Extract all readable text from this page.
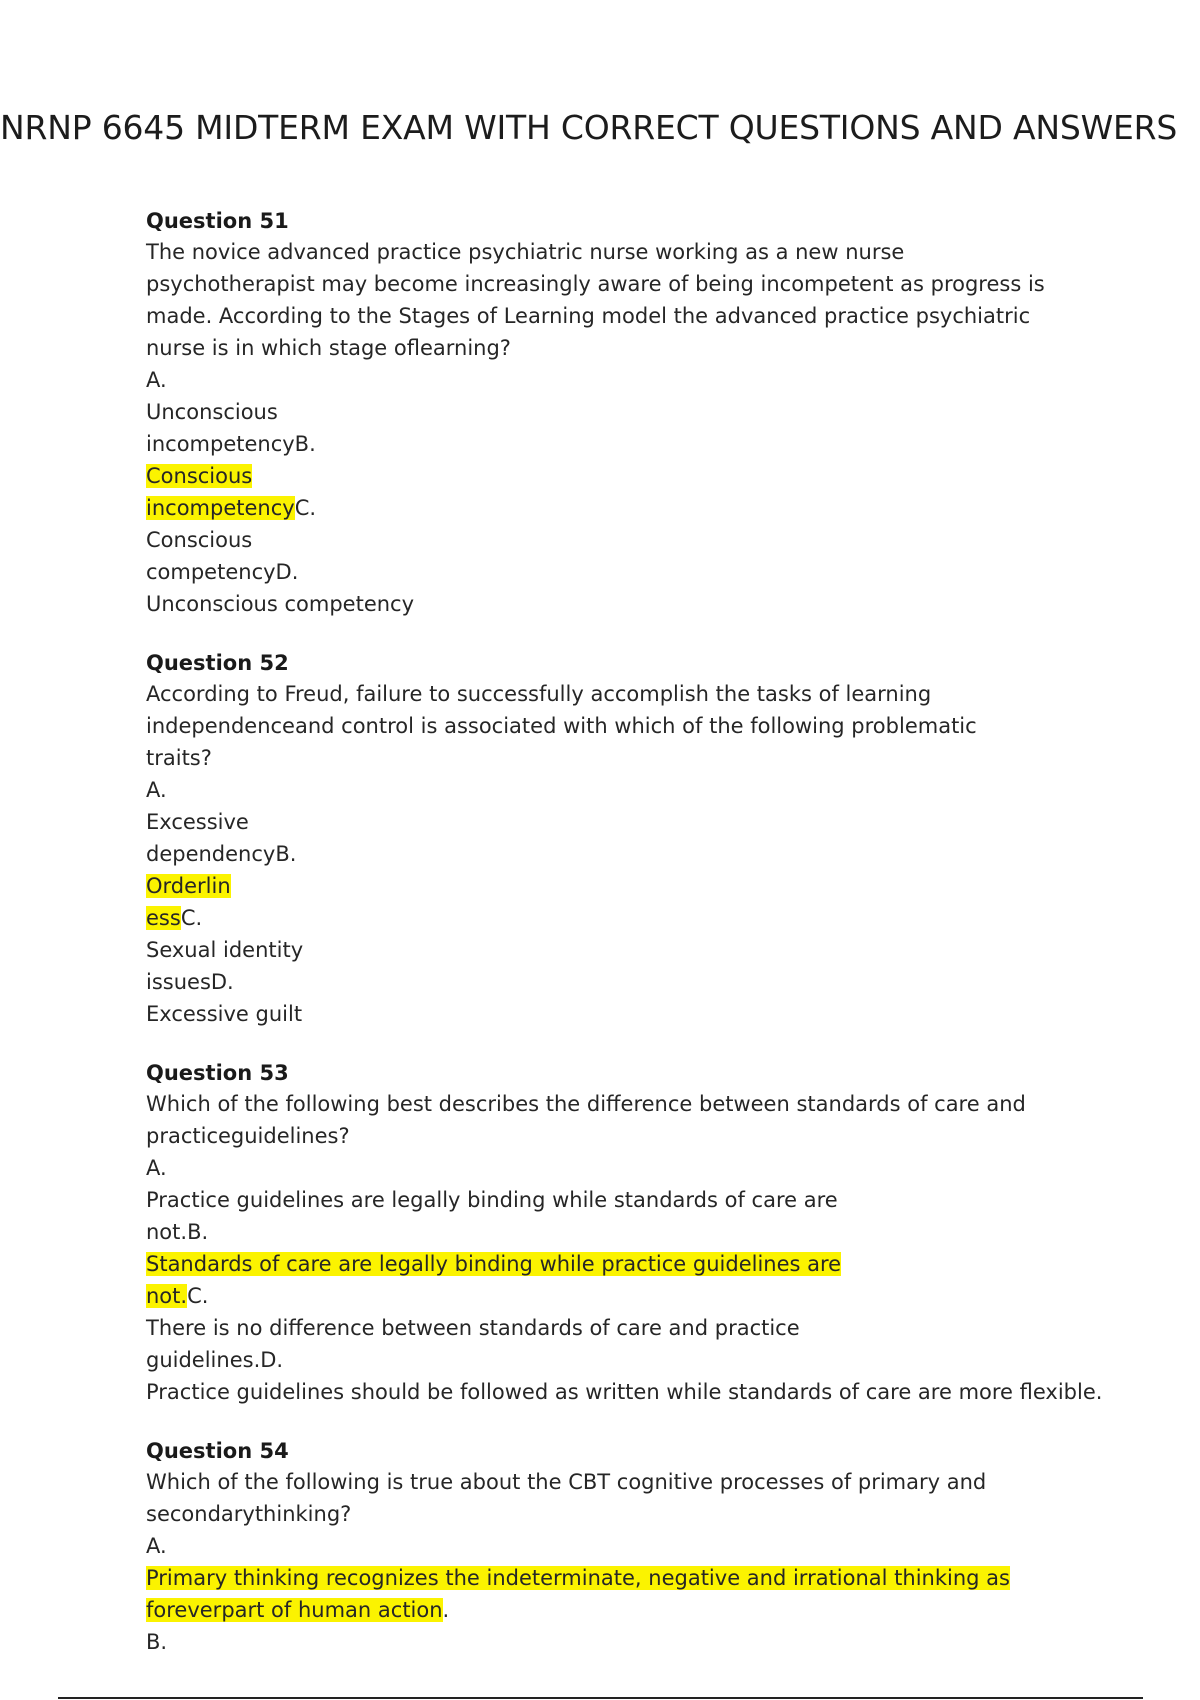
NRNP 6645 MIDTERM EXAM WITH CORRECT QUESTIONS AND ANSWERS
Question 51
The novice advanced practice psychiatric nurse working as a new nurse
psychotherapist may become increasingly aware of being incompetent as progress is
made. According to the Stages of Learning model the advanced practice psychiatric
nurse is in which stage oflearning?
A.
Unconscious
incompetencyB.
Conscious
incompetencyC.
Conscious
competencyD.
Unconscious competency
Question 52
According to Freud, failure to successfully accomplish the tasks of learning
independenceand control is associated with which of the following problematic
traits?
A.
Excessive
dependencyB.
Orderlin
essC.
Sexual identity
issuesD.
Excessive guilt
Question 53
Which of the following best describes the difference between standards of care and
practiceguidelines?
A.
Practice guidelines are legally binding while standards of care are
not.B.
Standards of care are legally binding while practice guidelines are
not.C.
There is no difference between standards of care and practice
guidelines.D.
Practice guidelines should be followed as written while standards of care are more flexible.
Question 54
Which of the following is true about the CBT cognitive processes of primary and
secondarythinking?
A.
Primary thinking recognizes the indeterminate, negative and irrational thinking as
foreverpart of human action.
B.
